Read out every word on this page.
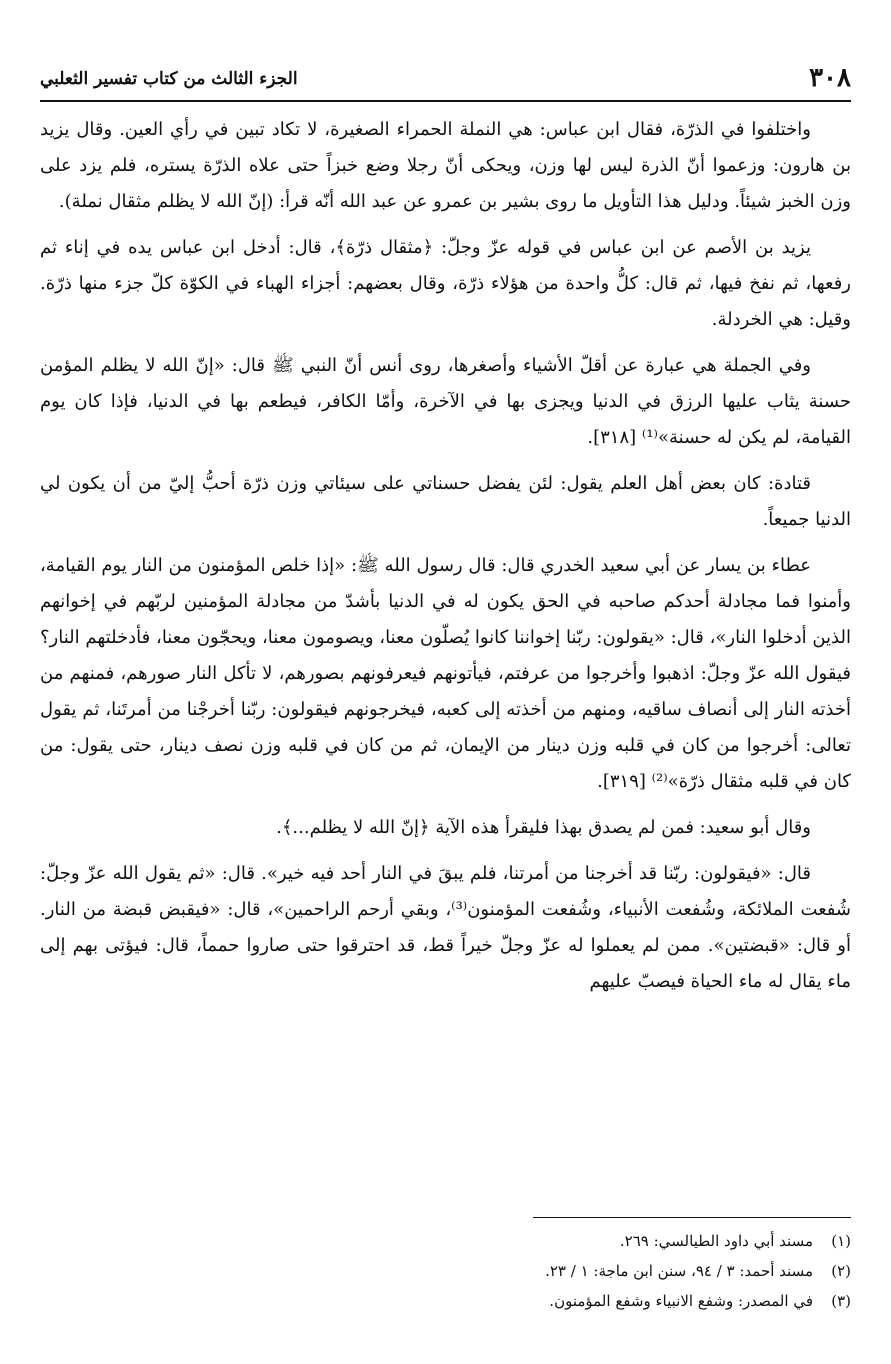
٣٠٨
الجزء الثالث من كتاب تفسير الثعلبي

واختلفوا في الذرّة، فقال ابن عباس: هي النملة الحمراء الصغيرة، لا تكاد تبين في رأي العين. وقال يزيد بن هارون: وزعموا أنّ الذرة ليس لها وزن، ويحكى أنّ رجلا وضع خبزاً حتى علاه الذرّة يستره، فلم يزد على وزن الخبز شيئاً. ودليل هذا التأويل ما روى بشير بن عمرو عن عبد الله أنّه قرأ: (إنّ الله لا يظلم مثقال نملة).

يزيد بن الأصم عن ابن عباس في قوله عزّ وجلّ: ﴿مثقال ذرّة﴾، قال: أدخل ابن عباس يده في إناء ثم رفعها، ثم نفخ فيها، ثم قال: كلُّ واحدة من هؤلاء ذرّة، وقال بعضهم: أجزاء الهباء في الكوّة كلّ جزء منها ذرّة. وقيل: هي الخردلة.

وفي الجملة هي عبارة عن أقلّ الأشياء وأصغرها، روى أنس أنّ النبي ﷺ قال: «إنّ الله لا يظلم المؤمن حسنة يثاب عليها الرزق في الدنيا ويجزى بها في الآخرة، وأمّا الكافر، فيطعم بها في الدنيا، فإذا كان يوم القيامة، لم يكن له حسنة»⁽¹⁾ [٣١٨].

قتادة: كان بعض أهل العلم يقول: لئن يفضل حسناتي على سيئاتي وزن ذرّة أحبُّ إليّ من أن يكون لي الدنيا جميعاً.

عطاء بن يسار عن أبي سعيد الخدري قال: قال رسول الله ﷺ: «إذا خلص المؤمنون من النار يوم القيامة، وأمنوا فما مجادلة أحدكم صاحبه في الحق يكون له في الدنيا بأشدّ من مجادلة المؤمنين لربّهم في إخوانهم الذين أدخلوا النار»، قال: «يقولون: ربّنا إخواننا كانوا يُصلّون معنا، ويصومون معنا، ويحجّون معنا، فأدخلتهم النار؟ فيقول الله عزّ وجلّ: اذهبوا وأخرجوا من عرفتم، فيأتونهم فيعرفونهم بصورهم، لا تأكل النار صورهم، فمنهم من أخذته النار إلى أنصاف ساقيه، ومنهم من أخذته إلى كعبه، فيخرجونهم فيقولون: ربّنا أخرجْنا من أمرتَنا، ثم يقول تعالى: أخرجوا من كان في قلبه وزن دينار من الإيمان، ثم من كان في قلبه وزن نصف دينار، حتى يقول: من كان في قلبه مثقال ذرّة»⁽²⁾ [٣١٩].

وقال أبو سعيد: فمن لم يصدق بهذا فليقرأ هذه الآية ﴿إنّ الله لا يظلم...﴾.

قال: «فيقولون: ربّنا قد أخرجنا من أمرتنا، فلم يبقَ في النار أحد فيه خير». قال: «ثم يقول الله عزّ وجلّ: شُفعت الملائكة، وشُفعت الأنبياء، وشُفعت المؤمنون⁽³⁾، وبقي أرحم الراحمين»، قال: «فيقبض قبضة من النار. أو قال: «قبضتين». ممن لم يعملوا له عزّ وجلّ خيراً قط، قد احترقوا حتى صاروا حمماً، قال: فيؤتى بهم إلى ماء يقال له ماء الحياة فيصبّ عليهم

(١)
مسند أبي داود الطيالسي: ٢٦٩.
(٢)
مسند أحمد: ٣ / ٩٤، سنن ابن ماجة: ١ / ٢٣.
(٣)
في المصدر: وشفع الانبياء وشفع المؤمنون.
